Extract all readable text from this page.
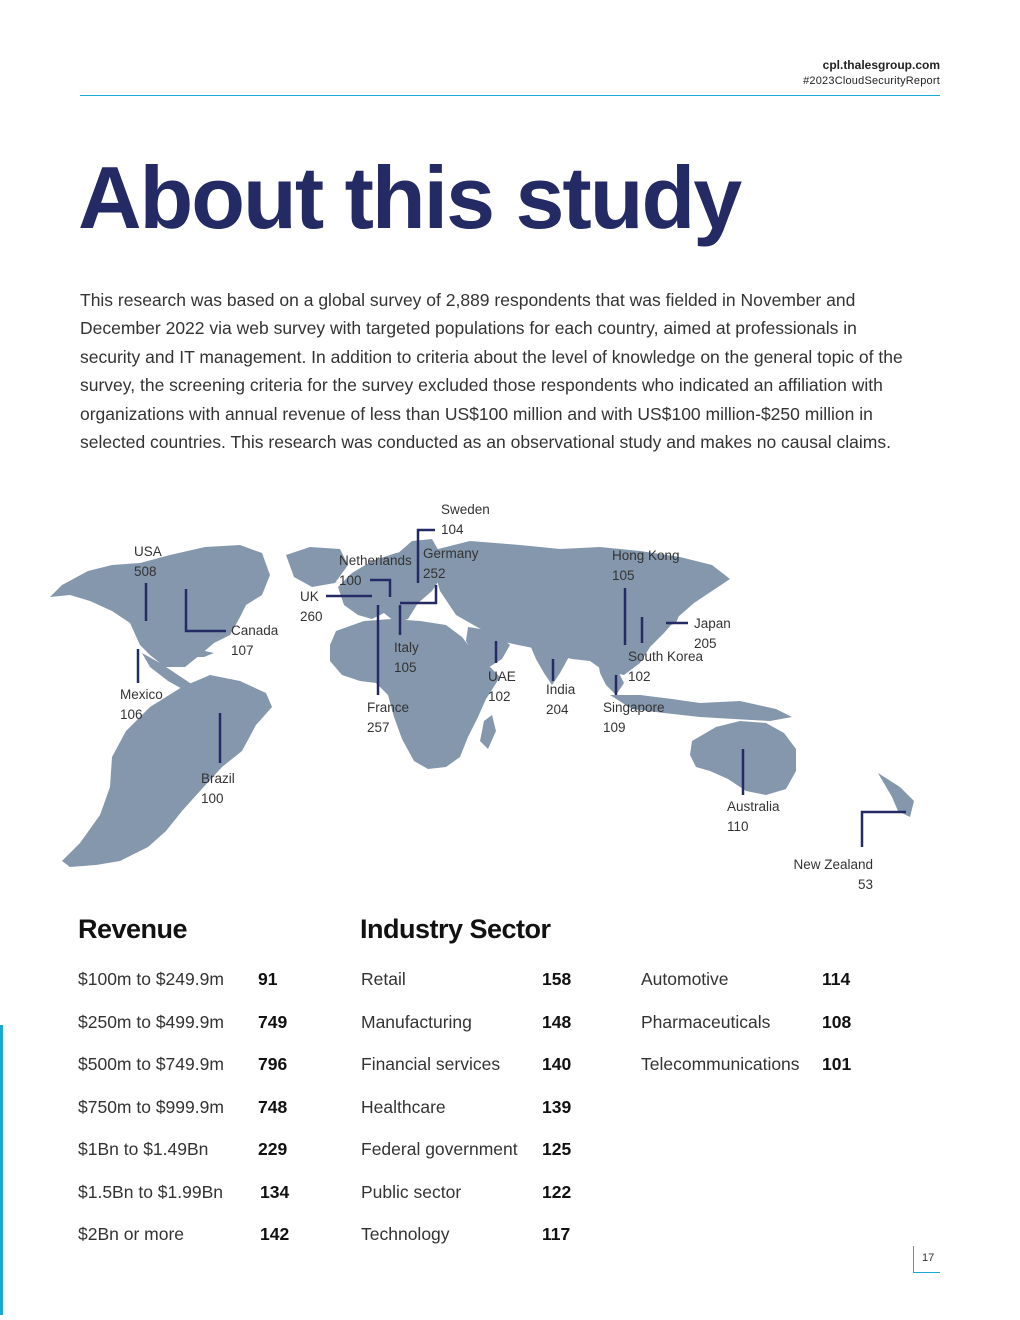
cpl.thalesgroup.com
#2023CloudSecurityReport
About this study

This research was based on a global survey of 2,889 respondents that was fielded in November and December 2022 via web survey with targeted populations for each country, aimed at professionals in security and IT management. In addition to criteria about the level of knowledge on the general topic of the survey, the screening criteria for the survey excluded those respondents who indicated an affiliation with organizations with annual revenue of less than US$100 million and with US$100 million-$250 million in selected countries. This research was conducted as an observational study and makes no causal claims.

USA
508
Canada
107
Mexico
106
Brazil
100
UK
260
Netherlands
100
Sweden
104
Germany
252
Italy
105
France
257
UAE
102	India
204
Hong Kong
105
Japan
205
South Korea
102
Singapore
109
Australia
110
New Zealand
53
Revenue	Industry Sector
$100m to $249.9m 91
$250m to $499.9m 749
$500m to $749.9m 796
$750m to $999.9m 748
$1Bn to $1.49Bn	229
$1.5Bn to $1.99Bn 134
$2Bn or more	142
Retail	158
Manufacturing	148
Financial services 140
Healthcare	139
Federal government 125
Public sector	122
Technology	117
Automotive	114
Pharmaceuticals	108
Telecommunications 101
17
